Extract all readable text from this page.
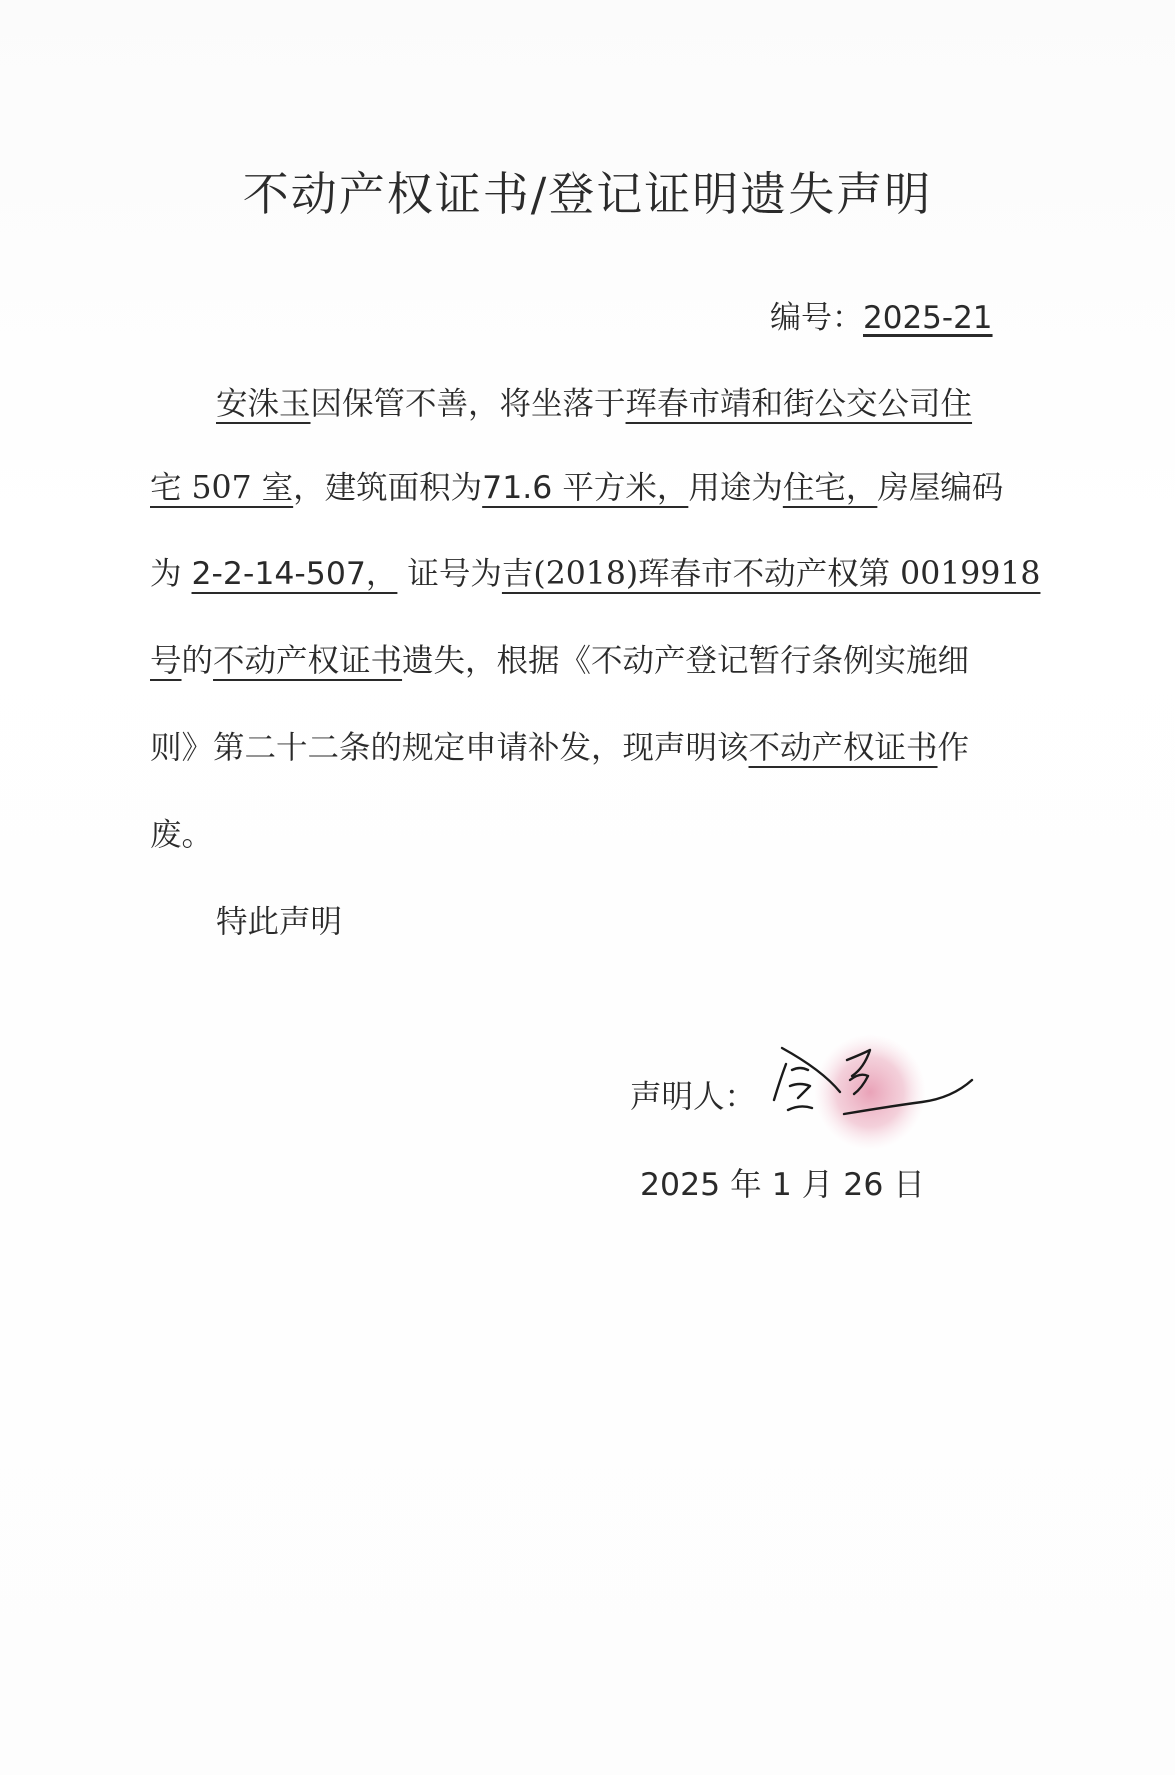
不动产权证书/登记证明遗失声明
编号：2025-21
安洙玉因保管不善，将坐落于珲春市靖和街公交公司住
宅 507 室，建筑面积为71.6 平方米，用途为住宅，房屋编码
为 2-2-14-507， 证号为吉(2018)珲春市不动产权第 0019918
号的不动产权证书遗失，根据《不动产登记暂行条例实施细
则》第二十二条的规定申请补发，现声明该不动产权证书作
废。
特此声明
声明人：
2025 年 1 月 26 日
